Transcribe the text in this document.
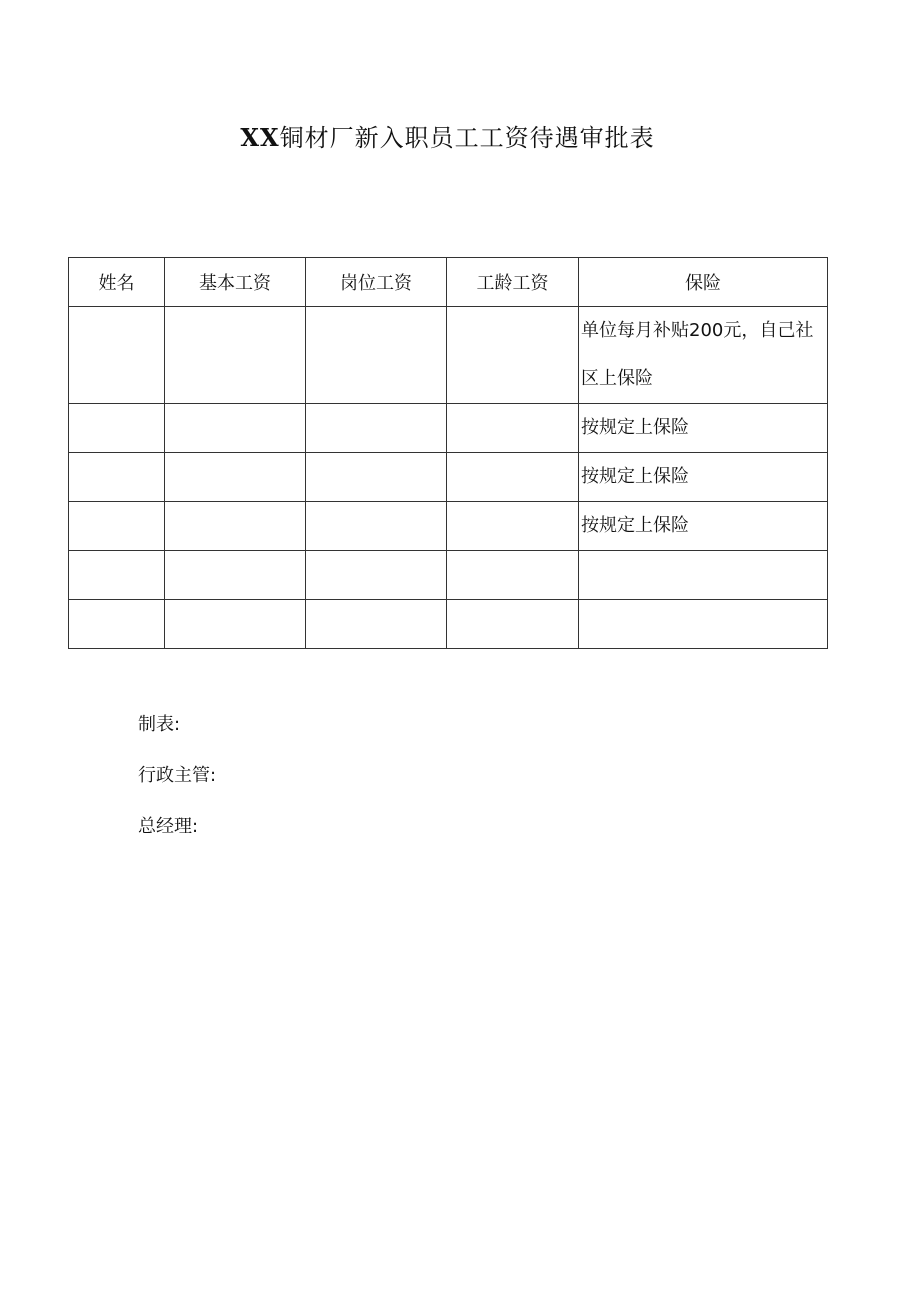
XX铜材厂新入职员工工资待遇审批表
姓名	基本工资	岗位工资	工龄工资	保险
				单位每月补贴200元，自己社区上保险
				按规定上保险
				按规定上保险
				按规定上保险

制表:
行政主管:
总经理:
